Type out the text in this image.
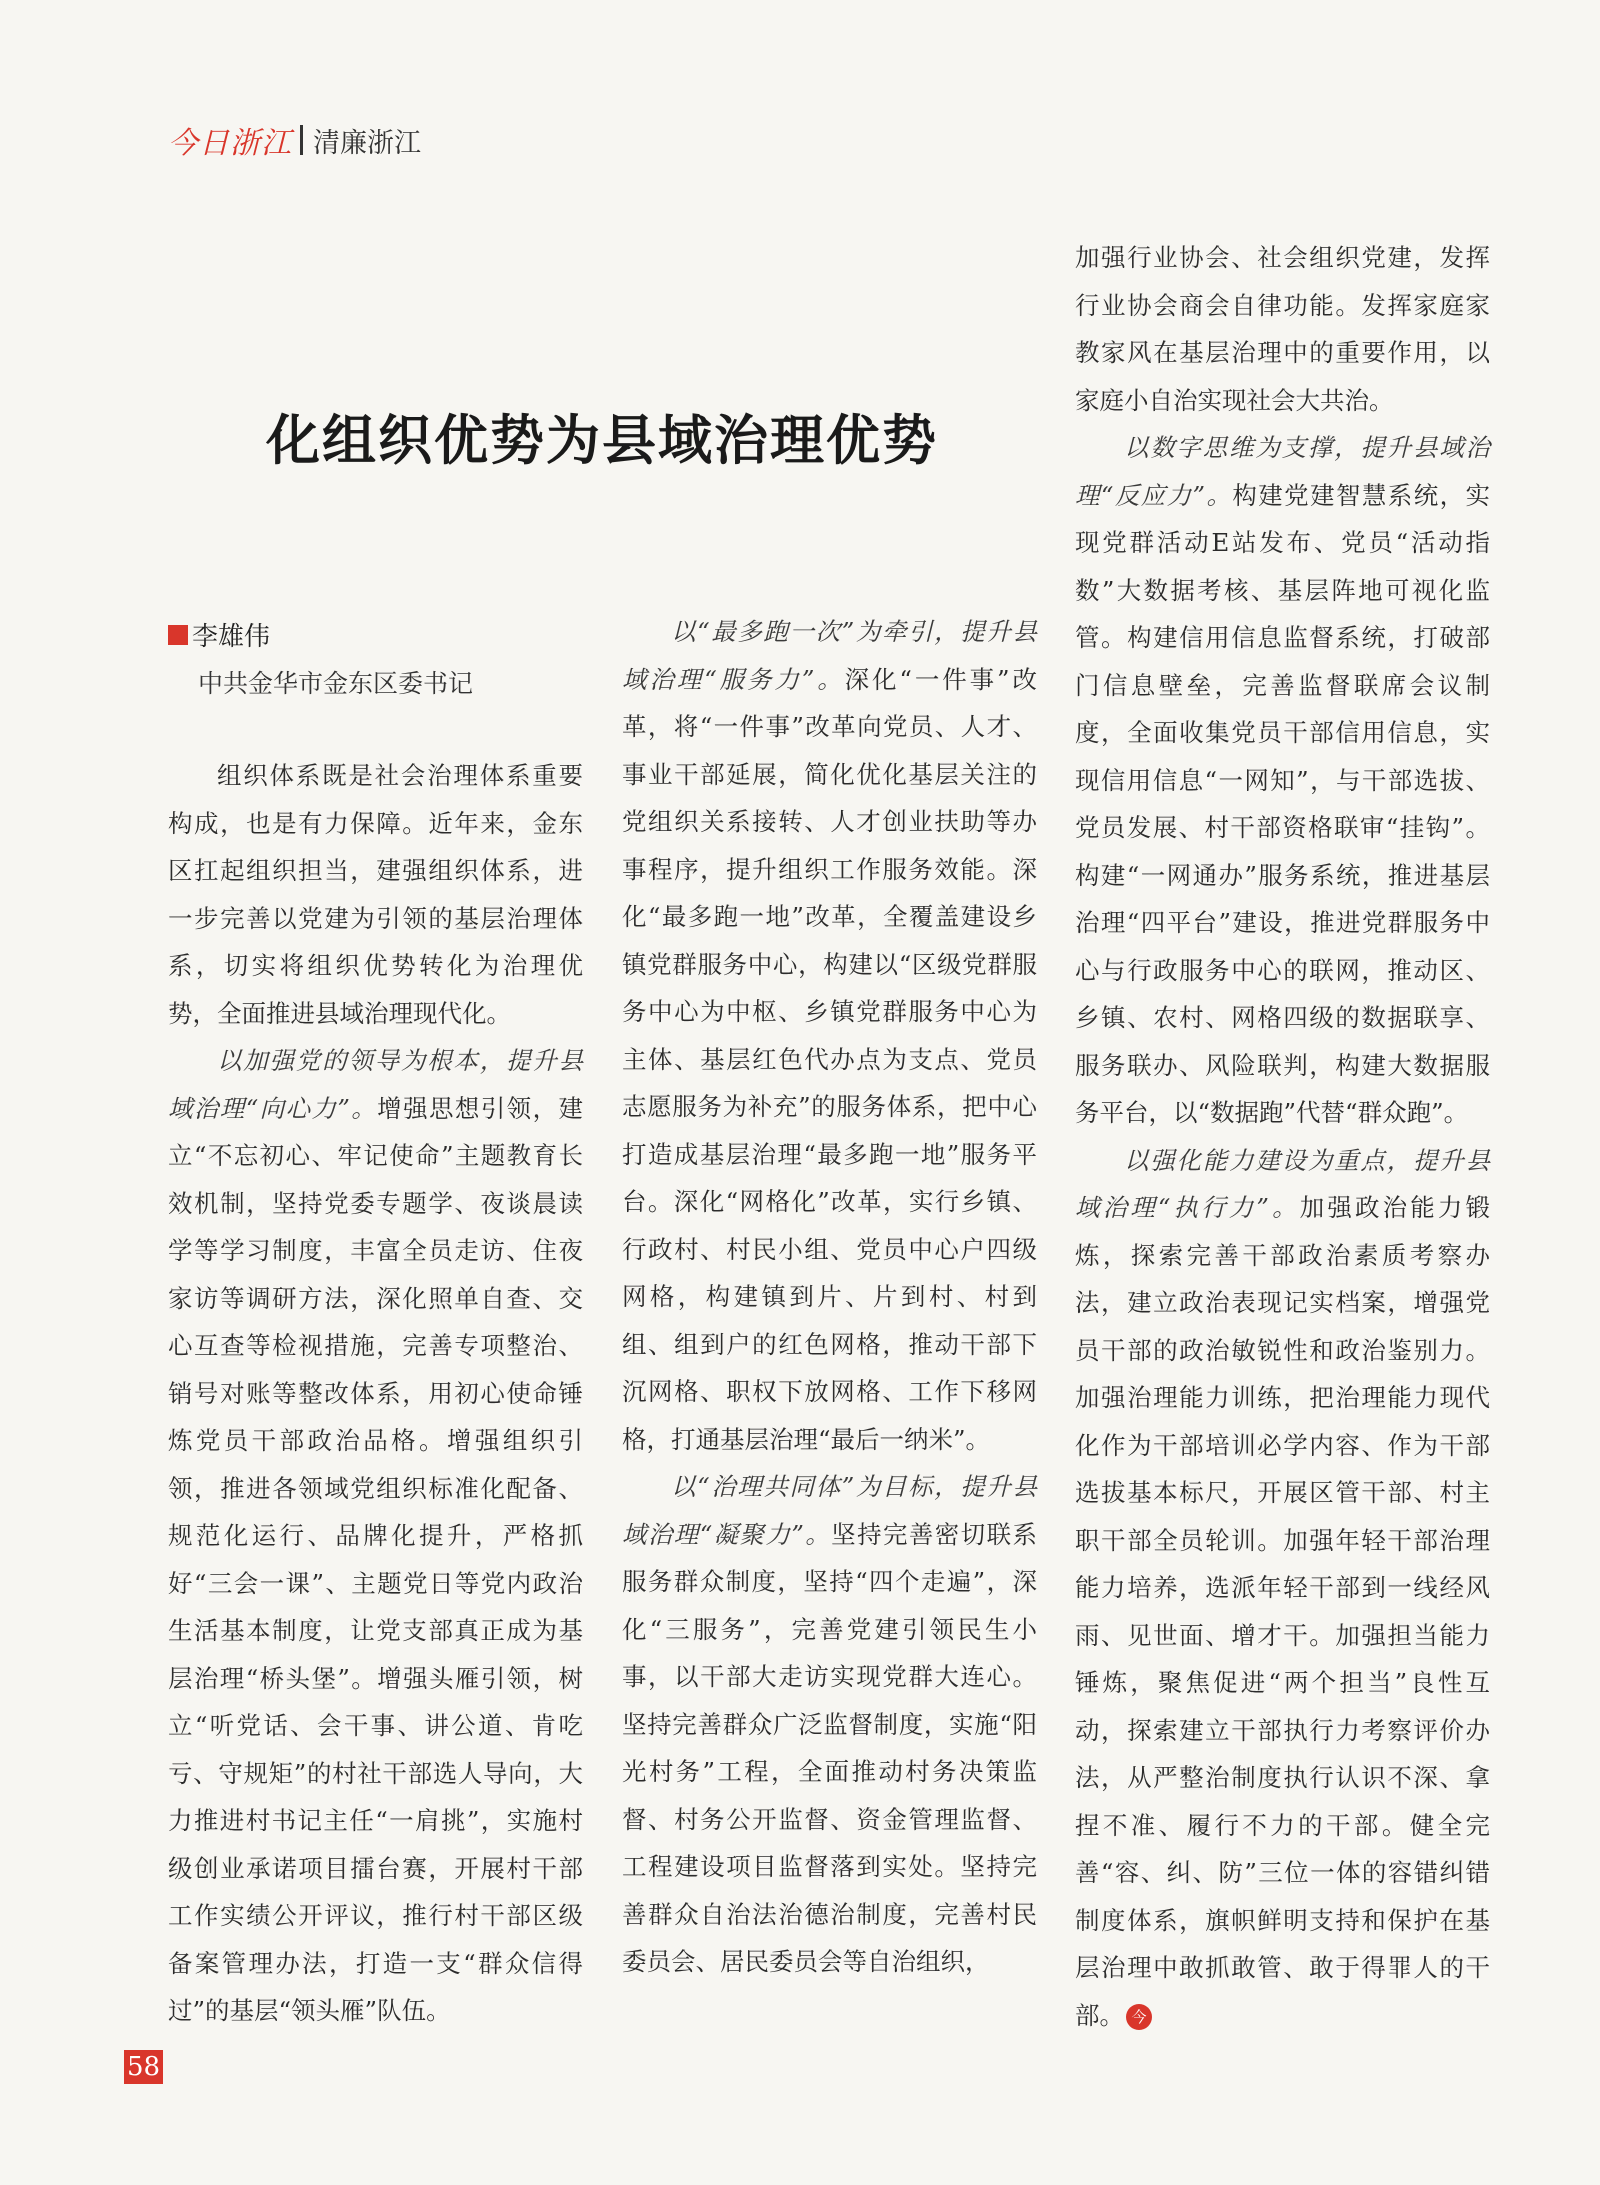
今日浙江 清廉浙江
化组织优势为县域治理优势
李雄伟
中共金华市金东区委书记

组织体系既是社会治理体系重要构成，也是有力保障。近年来，金东区扛起组织担当，建强组织体系，进一步完善以党建为引领的基层治理体系，切实将组织优势转化为治理优势，全面推进县域治理现代化。

以加强党的领导为根本，提升县域治理“向心力”。增强思想引领，建立“不忘初心、牢记使命”主题教育长效机制，坚持党委专题学、夜谈晨读学等学习制度，丰富全员走访、住夜家访等调研方法，深化照单自查、交心互查等检视措施，完善专项整治、销号对账等整改体系，用初心使命锤炼党员干部政治品格。增强组织引领，推进各领域党组织标准化配备、规范化运行、品牌化提升，严格抓好“三会一课”、主题党日等党内政治生活基本制度，让党支部真正成为基层治理“桥头堡”。增强头雁引领，树立“听党话、会干事、讲公道、肯吃亏、守规矩”的村社干部选人导向，大力推进村书记主任“一肩挑”，实施村级创业承诺项目擂台赛，开展村干部工作实绩公开评议，推行村干部区级备案管理办法，打造一支“群众信得过”的基层“领头雁”队伍。

以“最多跑一次”为牵引，提升县域治理“服务力”。深化“一件事”改革，将“一件事”改革向党员、人才、事业干部延展，简化优化基层关注的党组织关系接转、人才创业扶助等办事程序，提升组织工作服务效能。深化“最多跑一地”改革，全覆盖建设乡镇党群服务中心，构建以“区级党群服务中心为中枢、乡镇党群服务中心为主体、基层红色代办点为支点、党员志愿服务为补充”的服务体系，把中心打造成基层治理“最多跑一地”服务平台。深化“网格化”改革，实行乡镇、行政村、村民小组、党员中心户四级网格，构建镇到片、片到村、村到组、组到户的红色网格，推动干部下沉网格、职权下放网格、工作下移网格，打通基层治理“最后一纳米”。

以“治理共同体”为目标，提升县域治理“凝聚力”。坚持完善密切联系服务群众制度，坚持“四个走遍”，深化“三服务”，完善党建引领民生小事，以干部大走访实现党群大连心。坚持完善群众广泛监督制度，实施“阳光村务”工程，全面推动村务决策监督、村务公开监督、资金管理监督、工程建设项目监督落到实处。坚持完善群众自治法治德治制度，完善村民委员会、居民委员会等自治组织，

加强行业协会、社会组织党建，发挥行业协会商会自律功能。发挥家庭家教家风在基层治理中的重要作用，以家庭小自治实现社会大共治。

以数字思维为支撑，提升县域治理“反应力”。构建党建智慧系统，实现党群活动E站发布、党员“活动指数”大数据考核、基层阵地可视化监管。构建信用信息监督系统，打破部门信息壁垒，完善监督联席会议制度，全面收集党员干部信用信息，实现信用信息“一网知”，与干部选拔、党员发展、村干部资格联审“挂钩”。构建“一网通办”服务系统，推进基层治理“四平台”建设，推进党群服务中心与行政服务中心的联网，推动区、乡镇、农村、网格四级的数据联享、服务联办、风险联判，构建大数据服务平台，以“数据跑”代替“群众跑”。

以强化能力建设为重点，提升县域治理“执行力”。加强政治能力锻炼，探索完善干部政治素质考察办法，建立政治表现记实档案，增强党员干部的政治敏锐性和政治鉴别力。加强治理能力训练，把治理能力现代化作为干部培训必学内容、作为干部选拔基本标尺，开展区管干部、村主职干部全员轮训。加强年轻干部治理能力培养，选派年轻干部到一线经风雨、见世面、增才干。加强担当能力锤炼，聚焦促进“两个担当”良性互动，探索建立干部执行力考察评价办法，从严整治制度执行认识不深、拿捏不准、履行不力的干部。健全完善“容、纠、防”三位一体的容错纠错制度体系，旗帜鲜明支持和保护在基层治理中敢抓敢管、敢于得罪人的干部。 今

58
